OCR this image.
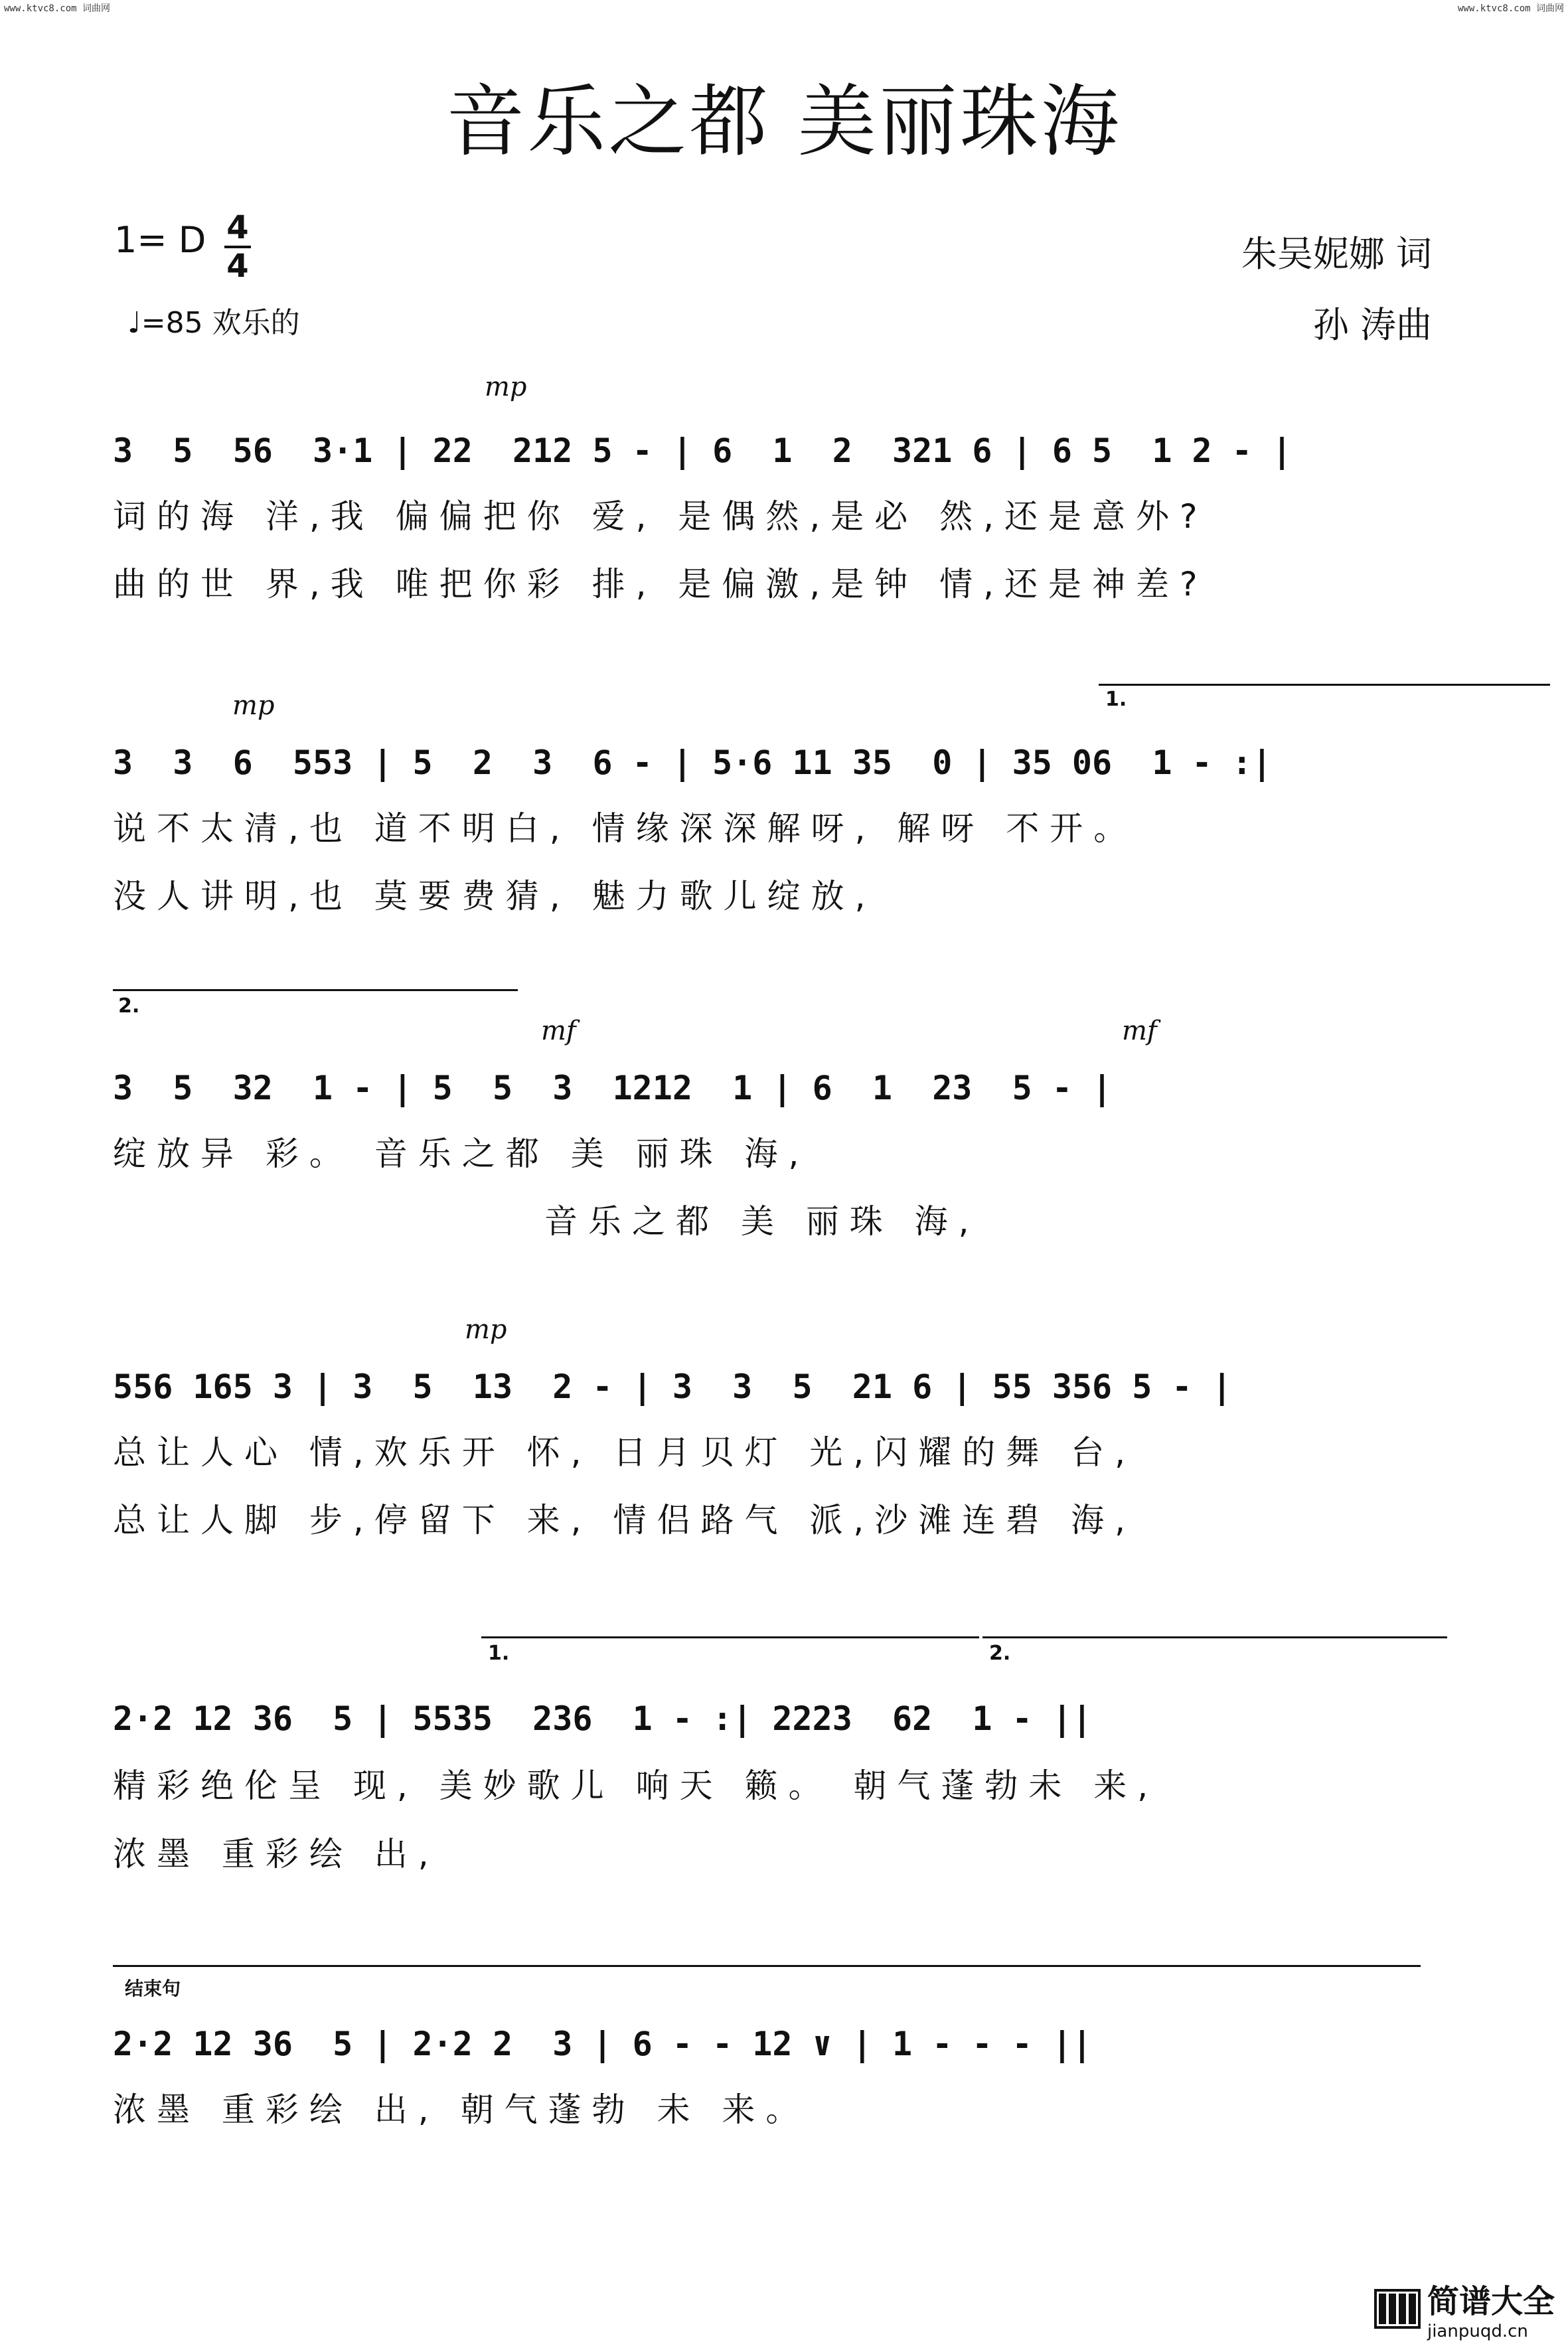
www.ktvc8.com 词曲网	www.ktvc8.com 词曲网
音乐之都 美丽珠海
1= D 4
4
♩=85 欢乐的
朱吴妮娜 词
孙 涛曲
mp
3  5  56  3·1 | 22  212 5 - | 6  1  2  321 6 | 6 5  1 2 - |
词的海 洋,我 偏偏把你 爱, 是偶然,是必 然,还是意外?
曲的世 界,我 唯把你彩 排, 是偏激,是钟 情,还是神差?
mp	1.
3  3  6  553 | 5  2  3  6 - | 5·6 11 35  0 | 35 06  1 - :|
说不太清,也 道不明白, 情缘深深解呀, 解呀 不开。
没人讲明,也 莫要费猜, 魅力歌儿绽放,
2.
mf	mf
3  5  32  1 - | 5  5  3  1212  1 | 6  1  23  5 - |
绽放异 彩。 音乐之都 美 丽珠 海,
音乐之都 美 丽珠 海,
mp
556 165 3 | 3  5  13  2 - | 3  3  5  21 6 | 55 356 5 - |
总让人心 情,欢乐开 怀, 日月贝灯 光,闪耀的舞 台,
总让人脚 步,停留下 来, 情侣路气 派,沙滩连碧 海,
1.	2.
2·2 12 36  5 | 5535  236  1 - :| 2223  62  1 - ||
精彩绝伦呈 现, 美妙歌儿 响天 籁。 朝气蓬勃未 来,
浓墨 重彩绘 出,
结束句
2·2 12 36  5 | 2·2 2  3 | 6 - - 12 ∨ | 1 - - - ||
浓墨 重彩绘 出, 朝气蓬勃 未 来。
简谱大全
jianpuqd.cn
